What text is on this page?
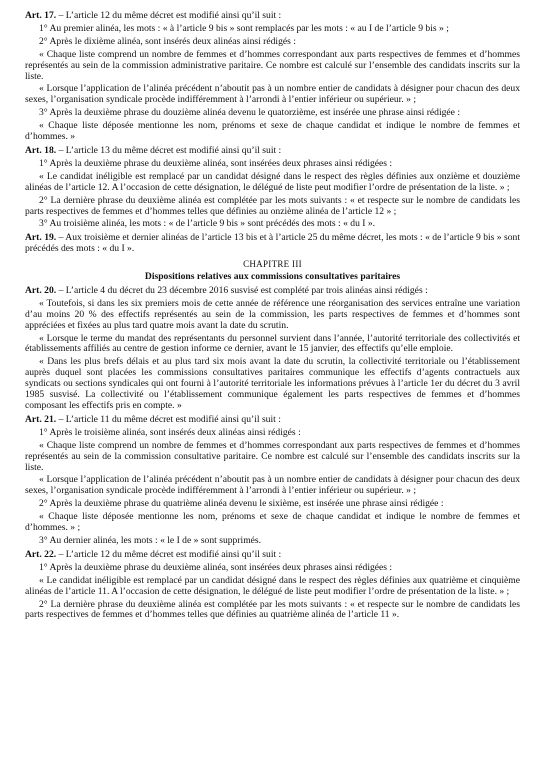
Art. 17. – L’article 12 du même décret est modifié ainsi qu’il suit :

1° Au premier alinéa, les mots : « à l’article 9 bis » sont remplacés par les mots : « au I de l’article 9 bis » ;

2° Après le dixième alinéa, sont insérés deux alinéas ainsi rédigés :

« Chaque liste comprend un nombre de femmes et d’hommes correspondant aux parts respectives de femmes et d’hommes représentés au sein de la commission administrative paritaire. Ce nombre est calculé sur l’ensemble des candidats inscrits sur la liste.

« Lorsque l’application de l’alinéa précédent n’aboutit pas à un nombre entier de candidats à désigner pour chacun des deux sexes, l’organisation syndicale procède indifféremment à l’arrondi à l’entier inférieur ou supérieur. » ;

3° Après la deuxième phrase du douzième alinéa devenu le quatorzième, est insérée une phrase ainsi rédigée :

« Chaque liste déposée mentionne les nom, prénoms et sexe de chaque candidat et indique le nombre de femmes et d’hommes. »

Art. 18. – L’article 13 du même décret est modifié ainsi qu’il suit :

1° Après la deuxième phrase du deuxième alinéa, sont insérées deux phrases ainsi rédigées :

« Le candidat inéligible est remplacé par un candidat désigné dans le respect des règles définies aux onzième et douzième alinéas de l’article 12. A l’occasion de cette désignation, le délégué de liste peut modifier l’ordre de présentation de la liste. » ;

2° La dernière phrase du deuxième alinéa est complétée par les mots suivants : « et respecte sur le nombre de candidats les parts respectives de femmes et d’hommes telles que définies au onzième alinéa de l’article 12 » ;

3° Au troisième alinéa, les mots : « de l’article 9 bis » sont précédés des mots : « du I ».

Art. 19. – Aux troisième et dernier alinéas de l’article 13 bis et à l’article 25 du même décret, les mots : « de l’article 9 bis » sont précédés des mots : « du I ».

CHAPITRE III

Dispositions relatives aux commissions consultatives paritaires

Art. 20. – L’article 4 du décret du 23 décembre 2016 susvisé est complété par trois alinéas ainsi rédigés :

« Toutefois, si dans les six premiers mois de cette année de référence une réorganisation des services entraîne une variation d’au moins 20 % des effectifs représentés au sein de la commission, les parts respectives de femmes et d’hommes sont appréciées et fixées au plus tard quatre mois avant la date du scrutin.

« Lorsque le terme du mandat des représentants du personnel survient dans l’année, l’autorité territoriale des collectivités et établissements affiliés au centre de gestion informe ce dernier, avant le 15 janvier, des effectifs qu’elle emploie.

« Dans les plus brefs délais et au plus tard six mois avant la date du scrutin, la collectivité territoriale ou l’établissement auprès duquel sont placées les commissions consultatives paritaires communique les effectifs d’agents contractuels aux syndicats ou sections syndicales qui ont fourni à l’autorité territoriale les informations prévues à l’article 1er du décret du 3 avril 1985 susvisé. La collectivité ou l’établissement communique également les parts respectives de femmes et d’hommes composant les effectifs pris en compte. »

Art. 21. – L’article 11 du même décret est modifié ainsi qu’il suit :

1° Après le troisième alinéa, sont insérés deux alinéas ainsi rédigés :

« Chaque liste comprend un nombre de femmes et d’hommes correspondant aux parts respectives de femmes et d’hommes représentés au sein de la commission consultative paritaire. Ce nombre est calculé sur l’ensemble des candidats inscrits sur la liste.

« Lorsque l’application de l’alinéa précédent n’aboutit pas à un nombre entier de candidats à désigner pour chacun des deux sexes, l’organisation syndicale procède indifféremment à l’arrondi à l’entier inférieur ou supérieur. » ;

2° Après la deuxième phrase du quatrième alinéa devenu le sixième, est insérée une phrase ainsi rédigée :

« Chaque liste déposée mentionne les nom, prénoms et sexe de chaque candidat et indique le nombre de femmes et d’hommes. » ;

3° Au dernier alinéa, les mots : « le I de » sont supprimés.

Art. 22. – L’article 12 du même décret est modifié ainsi qu’il suit :

1° Après la deuxième phrase du deuxième alinéa, sont insérées deux phrases ainsi rédigées :

« Le candidat inéligible est remplacé par un candidat désigné dans le respect des règles définies aux quatrième et cinquième alinéas de l’article 11. A l’occasion de cette désignation, le délégué de liste peut modifier l’ordre de présentation de la liste. » ;

2° La dernière phrase du deuxième alinéa est complétée par les mots suivants : « et respecte sur le nombre de candidats les parts respectives de femmes et d’hommes telles que définies au quatrième alinéa de l’article 11 ».
